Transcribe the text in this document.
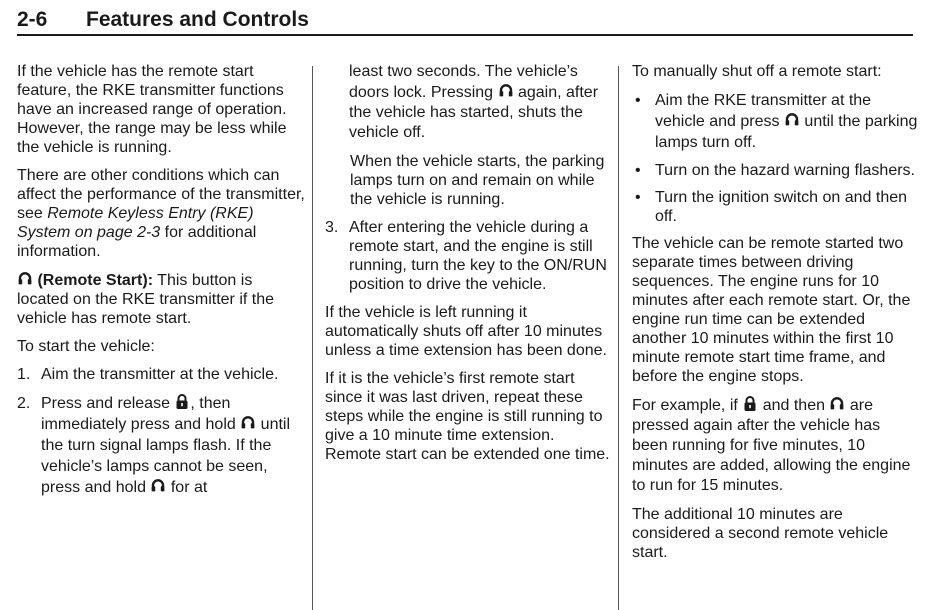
2-6 Features and Controls

If the vehicle has the remote start feature, the RKE transmitter functions have an increased range of operation. However, the range may be less while the vehicle is running.

There are other conditions which can affect the performance of the transmitter, see Remote Keyless Entry (RKE) System on page 2-3 for additional information.

(Remote Start): This button is located on the RKE transmitter if the vehicle has remote start.

To start the vehicle:

1. Aim the transmitter at the vehicle.
2. Press and release
, then immediately press and hold
until the turn signal lamps flash. If the vehicle’s lamps cannot be seen, press and hold
for at

least two seconds. The vehicle’s doors lock. Pressing
again, after the vehicle has started, shuts the vehicle off.

When the vehicle starts, the parking lamps turn on and remain on while the vehicle is running.

3. After entering the vehicle during a remote start, and the engine is still running, turn the key to the ON/RUN position to drive the vehicle.

If the vehicle is left running it automatically shuts off after 10 minutes unless a time extension has been done.

If it is the vehicle’s first remote start since it was last driven, repeat these steps while the engine is still running to give a 10 minute time extension. Remote start can be extended one time.

To manually shut off a remote start:

• Aim the RKE transmitter at the vehicle and press
until the parking lamps turn off.
• Turn on the hazard warning flashers.
• Turn the ignition switch on and then off.

The vehicle can be remote started two separate times between driving sequences. The engine runs for 10 minutes after each remote start. Or, the engine run time can be extended another 10 minutes within the first 10 minute remote start time frame, and before the engine stops.

For example, if
and then
are pressed again after the vehicle has been running for five minutes, 10 minutes are added, allowing the engine to run for 15 minutes.

The additional 10 minutes are considered a second remote vehicle start.
